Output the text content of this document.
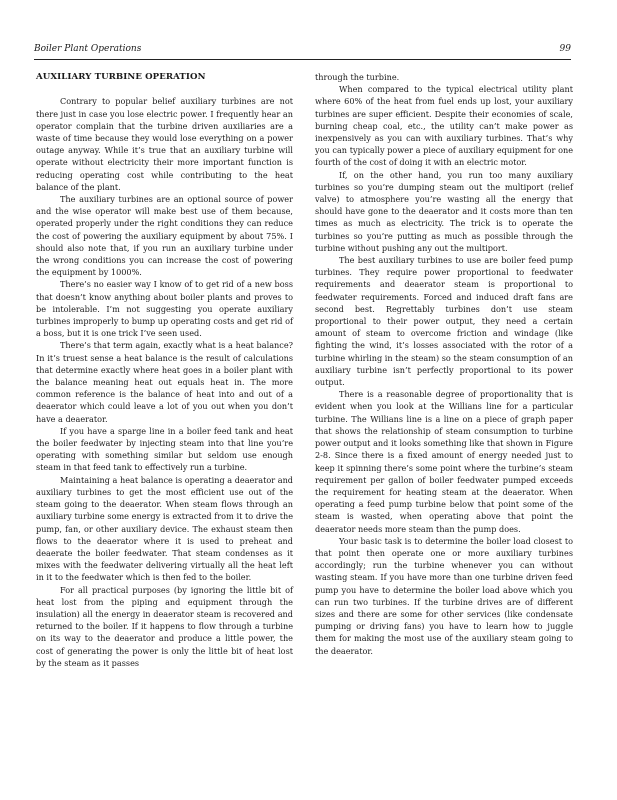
Boiler Plant Operations	99
AUXILIARY TURBINE OPERATION

Contrary to popular belief auxiliary turbines are not there just in case you lose electric power. I frequently hear an operator complain that the turbine driven auxiliaries are a waste of time because they would lose everything on a power outage anyway. While it’s true that an auxiliary turbine will operate without electricity their more important function is reducing operating cost while contributing to the heat balance of the plant.

The auxiliary turbines are an optional source of power and the wise operator will make best use of them because, operated properly under the right conditions they can reduce the cost of powering the auxiliary equipment by about 75%. I should also note that, if you run an auxiliary turbine under the wrong conditions you can increase the cost of powering the equipment by 1000%.

There’s no easier way I know of to get rid of a new boss that doesn’t know anything about boiler plants and proves to be intolerable. I’m not suggesting you operate auxiliary turbines improperly to bump up operating costs and get rid of a boss, but it is one trick I’ve seen used.

There’s that term again, exactly what is a heat balance? In it’s truest sense a heat balance is the result of calculations that determine exactly where heat goes in a boiler plant with the balance meaning heat out equals heat in. The more common reference is the balance of heat into and out of a deaerator which could leave a lot of you out when you don’t have a deaerator.

If you have a sparge line in a boiler feed tank and heat the boiler feedwater by injecting steam into that line you’re operating with something similar but seldom use enough steam in that feed tank to effectively run a turbine.

Maintaining a heat balance is operating a deaerator and auxiliary turbines to get the most efficient use out of the steam going to the deaerator. When steam flows through an auxiliary turbine some energy is extracted from it to drive the pump, fan, or other auxiliary device. The exhaust steam then flows to the deaerator where it is used to preheat and deaerate the boiler feedwater. That steam condenses as it mixes with the feedwater delivering virtually all the heat left in it to the feedwater which is then fed to the boiler.

For all practical purposes (by ignoring the little bit of heat lost from the piping and equipment through the insulation) all the energy in deaerator steam is recovered and returned to the boiler. If it happens to flow through a turbine on its way to the deaerator and produce a little power, the cost of generating the power is only the little bit of heat lost by the steam as it passes

through the turbine.

When compared to the typical electrical utility plant where 60% of the heat from fuel ends up lost, your auxiliary turbines are super efficient. Despite their economies of scale, burning cheap coal, etc., the utility can’t make power as inexpensively as you can with auxiliary turbines. That’s why you can typically power a piece of auxiliary equipment for one fourth of the cost of doing it with an electric motor.

If, on the other hand, you run too many auxiliary turbines so you’re dumping steam out the multiport (relief valve) to atmosphere you’re wasting all the energy that should have gone to the deaerator and it costs more than ten times as much as electricity. The trick is to operate the turbines so you’re putting as much as possible through the turbine without pushing any out the multiport.

The best auxiliary turbines to use are boiler feed pump turbines. They require power proportional to feedwater requirements and deaerator steam is proportional to feedwater requirements. Forced and induced draft fans are second best. Regrettably turbines don’t use steam proportional to their power output, they need a certain amount of steam to overcome friction and windage (like fighting the wind, it’s losses associated with the rotor of a turbine whirling in the steam) so the steam consumption of an auxiliary turbine isn’t perfectly proportional to its power output.

There is a reasonable degree of proportionality that is evident when you look at the Willians line for a particular turbine. The Willians line is a line on a piece of graph paper that shows the relationship of steam consumption to turbine power output and it looks something like that shown in Figure 2-8. Since there is a fixed amount of energy needed just to keep it spinning there’s some point where the turbine’s steam requirement per gallon of boiler feedwater pumped exceeds the requirement for heating steam at the deaerator. When operating a feed pump turbine below that point some of the steam is wasted, when operating above that point the deaerator needs more steam than the pump does.

Your basic task is to determine the boiler load closest to that point then operate one or more auxiliary turbines accordingly; run the turbine whenever you can without wasting steam. If you have more than one turbine driven feed pump you have to determine the boiler load above which you can run two turbines. If the turbine drives are of different sizes and there are some for other services (like condensate pumping or driving fans) you have to learn how to juggle them for making the most use of the auxiliary steam going to the deaerator.
